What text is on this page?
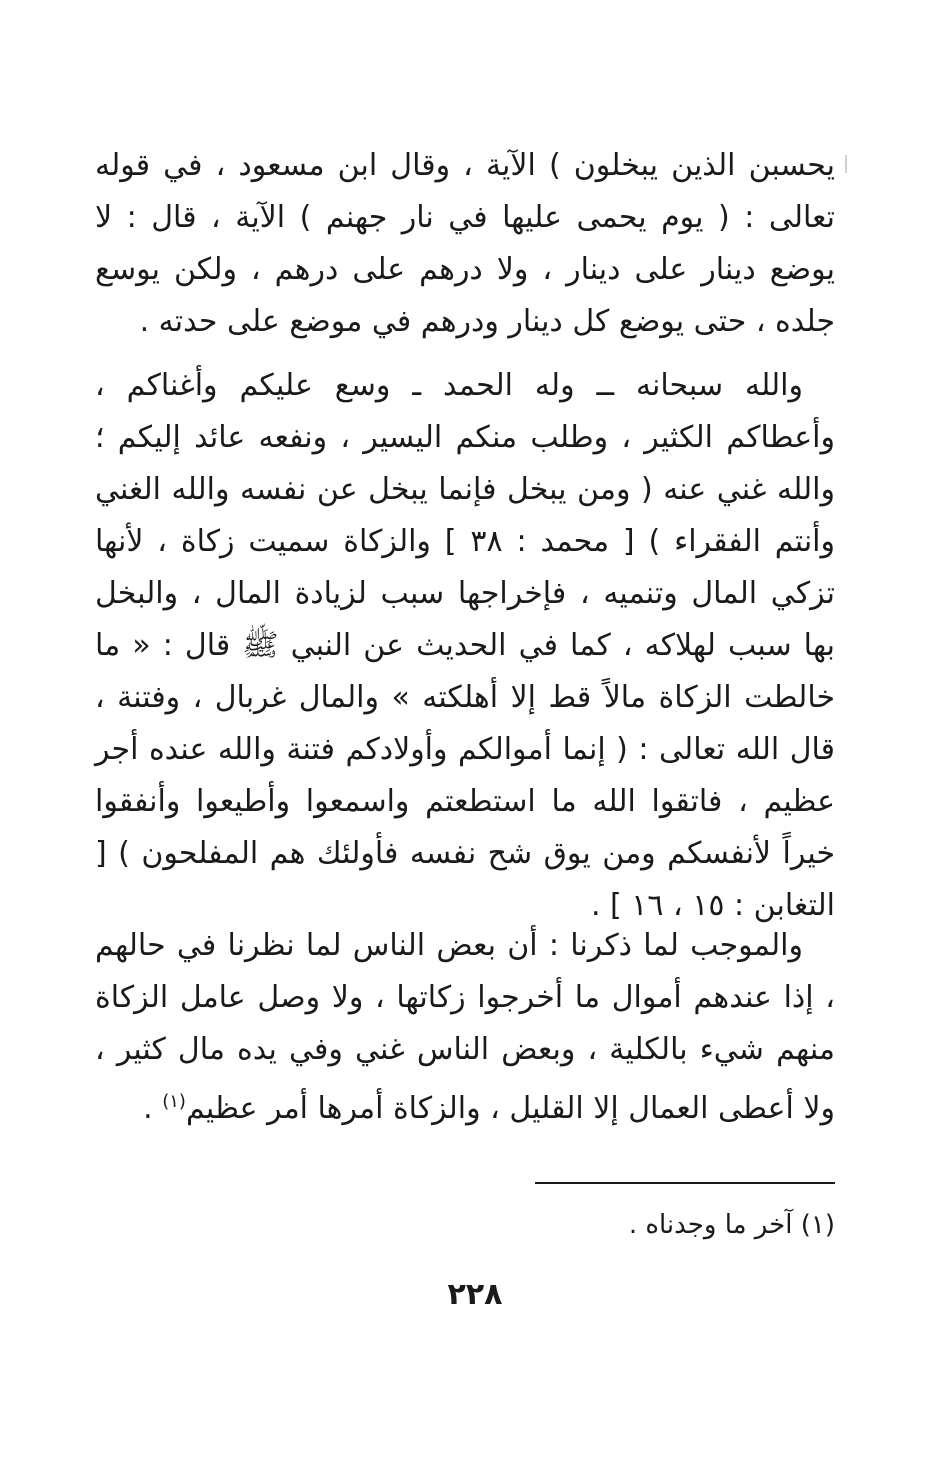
يحسبن الذين يبخلون ) الآية ، وقال ابن مسعود ، في قوله تعالى : ( يوم يحمى عليها في نار جهنم ) الآية ، قال : لا يوضع دينار على دينار ، ولا درهم على درهم ، ولكن يوسع جلده ، حتى يوضع كل دينار ودرهم في موضع على حدته .

والله سبحانه ــ وله الحمد ـ وسع عليكم وأغناكم ، وأعطاكم الكثير ، وطلب منكم اليسير ، ونفعه عائد إليكم ؛ والله غني عنه ( ومن يبخل فإنما يبخل عن نفسه والله الغني وأنتم الفقراء ) [ محمد : ٣٨ ] والزكاة سميت زكاة ، لأنها تزكي المال وتنميه ، فإخراجها سبب لزيادة المال ، والبخل بها سبب لهلاكه ، كما في الحديث عن النبي ﷺ قال : « ما خالطت الزكاة مالاً قط إلا أهلكته » والمال غربال ، وفتنة ، قال الله تعالى : ( إنما أموالكم وأولادكم فتنة والله عنده أجر عظيم ، فاتقوا الله ما استطعتم واسمعوا وأطيعوا وأنفقوا خيراً لأنفسكم ومن يوق شح نفسه فأولئك هم المفلحون ) [ التغابن : ١٥ ، ١٦ ] .

والموجب لما ذكرنا : أن بعض الناس لما نظرنا في حالهم ، إذا عندهم أموال ما أخرجوا زكاتها ، ولا وصل عامل الزكاة منهم شيء بالكلية ، وبعض الناس غني وفي يده مال كثير ، ولا أعطى العمال إلا القليل ، والزكاة أمرها أمر عظيم$^{(١)}$ .

(١) آخر ما وجدناه .
٢٢٨
